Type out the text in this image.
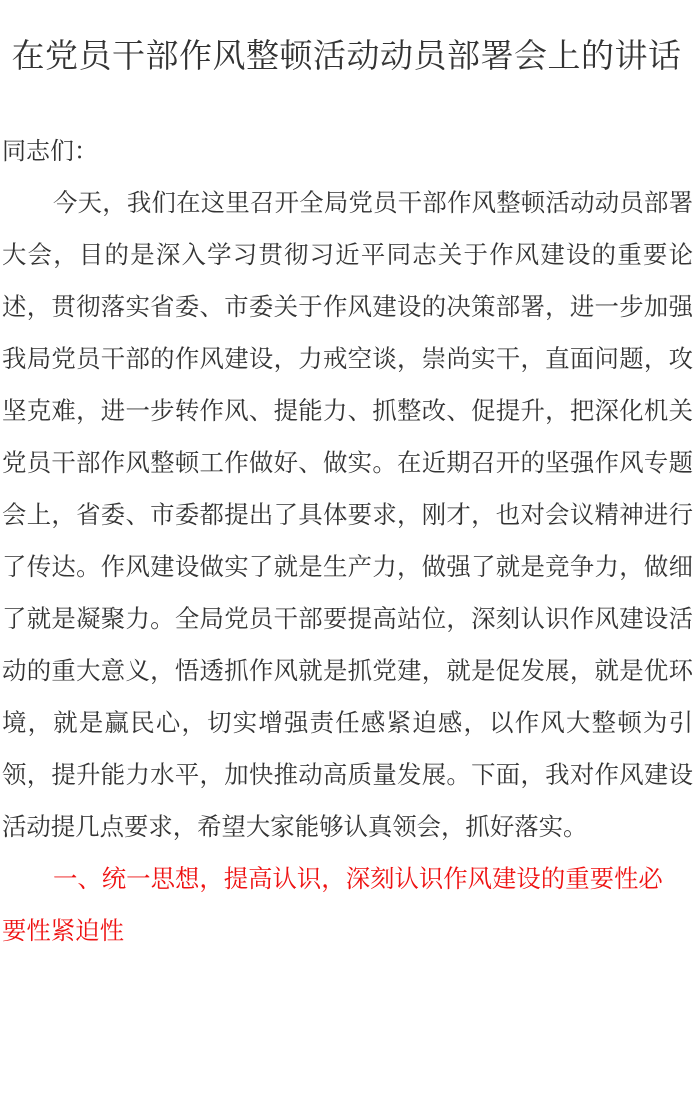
在党员干部作风整顿活动动员部署会上的讲话

同志们：

今天，我们在这里召开全局党员干部作风整顿活动动员部署大会，目的是深入学习贯彻习近平同志关于作风建设的重要论述，贯彻落实省委、市委关于作风建设的决策部署，进一步加强我局党员干部的作风建设，力戒空谈，崇尚实干，直面问题，攻坚克难，进一步转作风、提能力、抓整改、促提升，把深化机关党员干部作风整顿工作做好、做实。在近期召开的坚强作风专题会上，省委、市委都提出了具体要求，刚才，也对会议精神进行了传达。作风建设做实了就是生产力，做强了就是竞争力，做细了就是凝聚力。全局党员干部要提高站位，深刻认识作风建设活动的重大意义，悟透抓作风就是抓党建，就是促发展，就是优环境，就是赢民心，切实增强责任感紧迫感，以作风大整顿为引领，提升能力水平，加快推动高质量发展。下面，我对作风建设活动提几点要求，希望大家能够认真领会，抓好落实。

一、统一思想，提高认识，深刻认识作风建设的重要性必要性紧迫性
